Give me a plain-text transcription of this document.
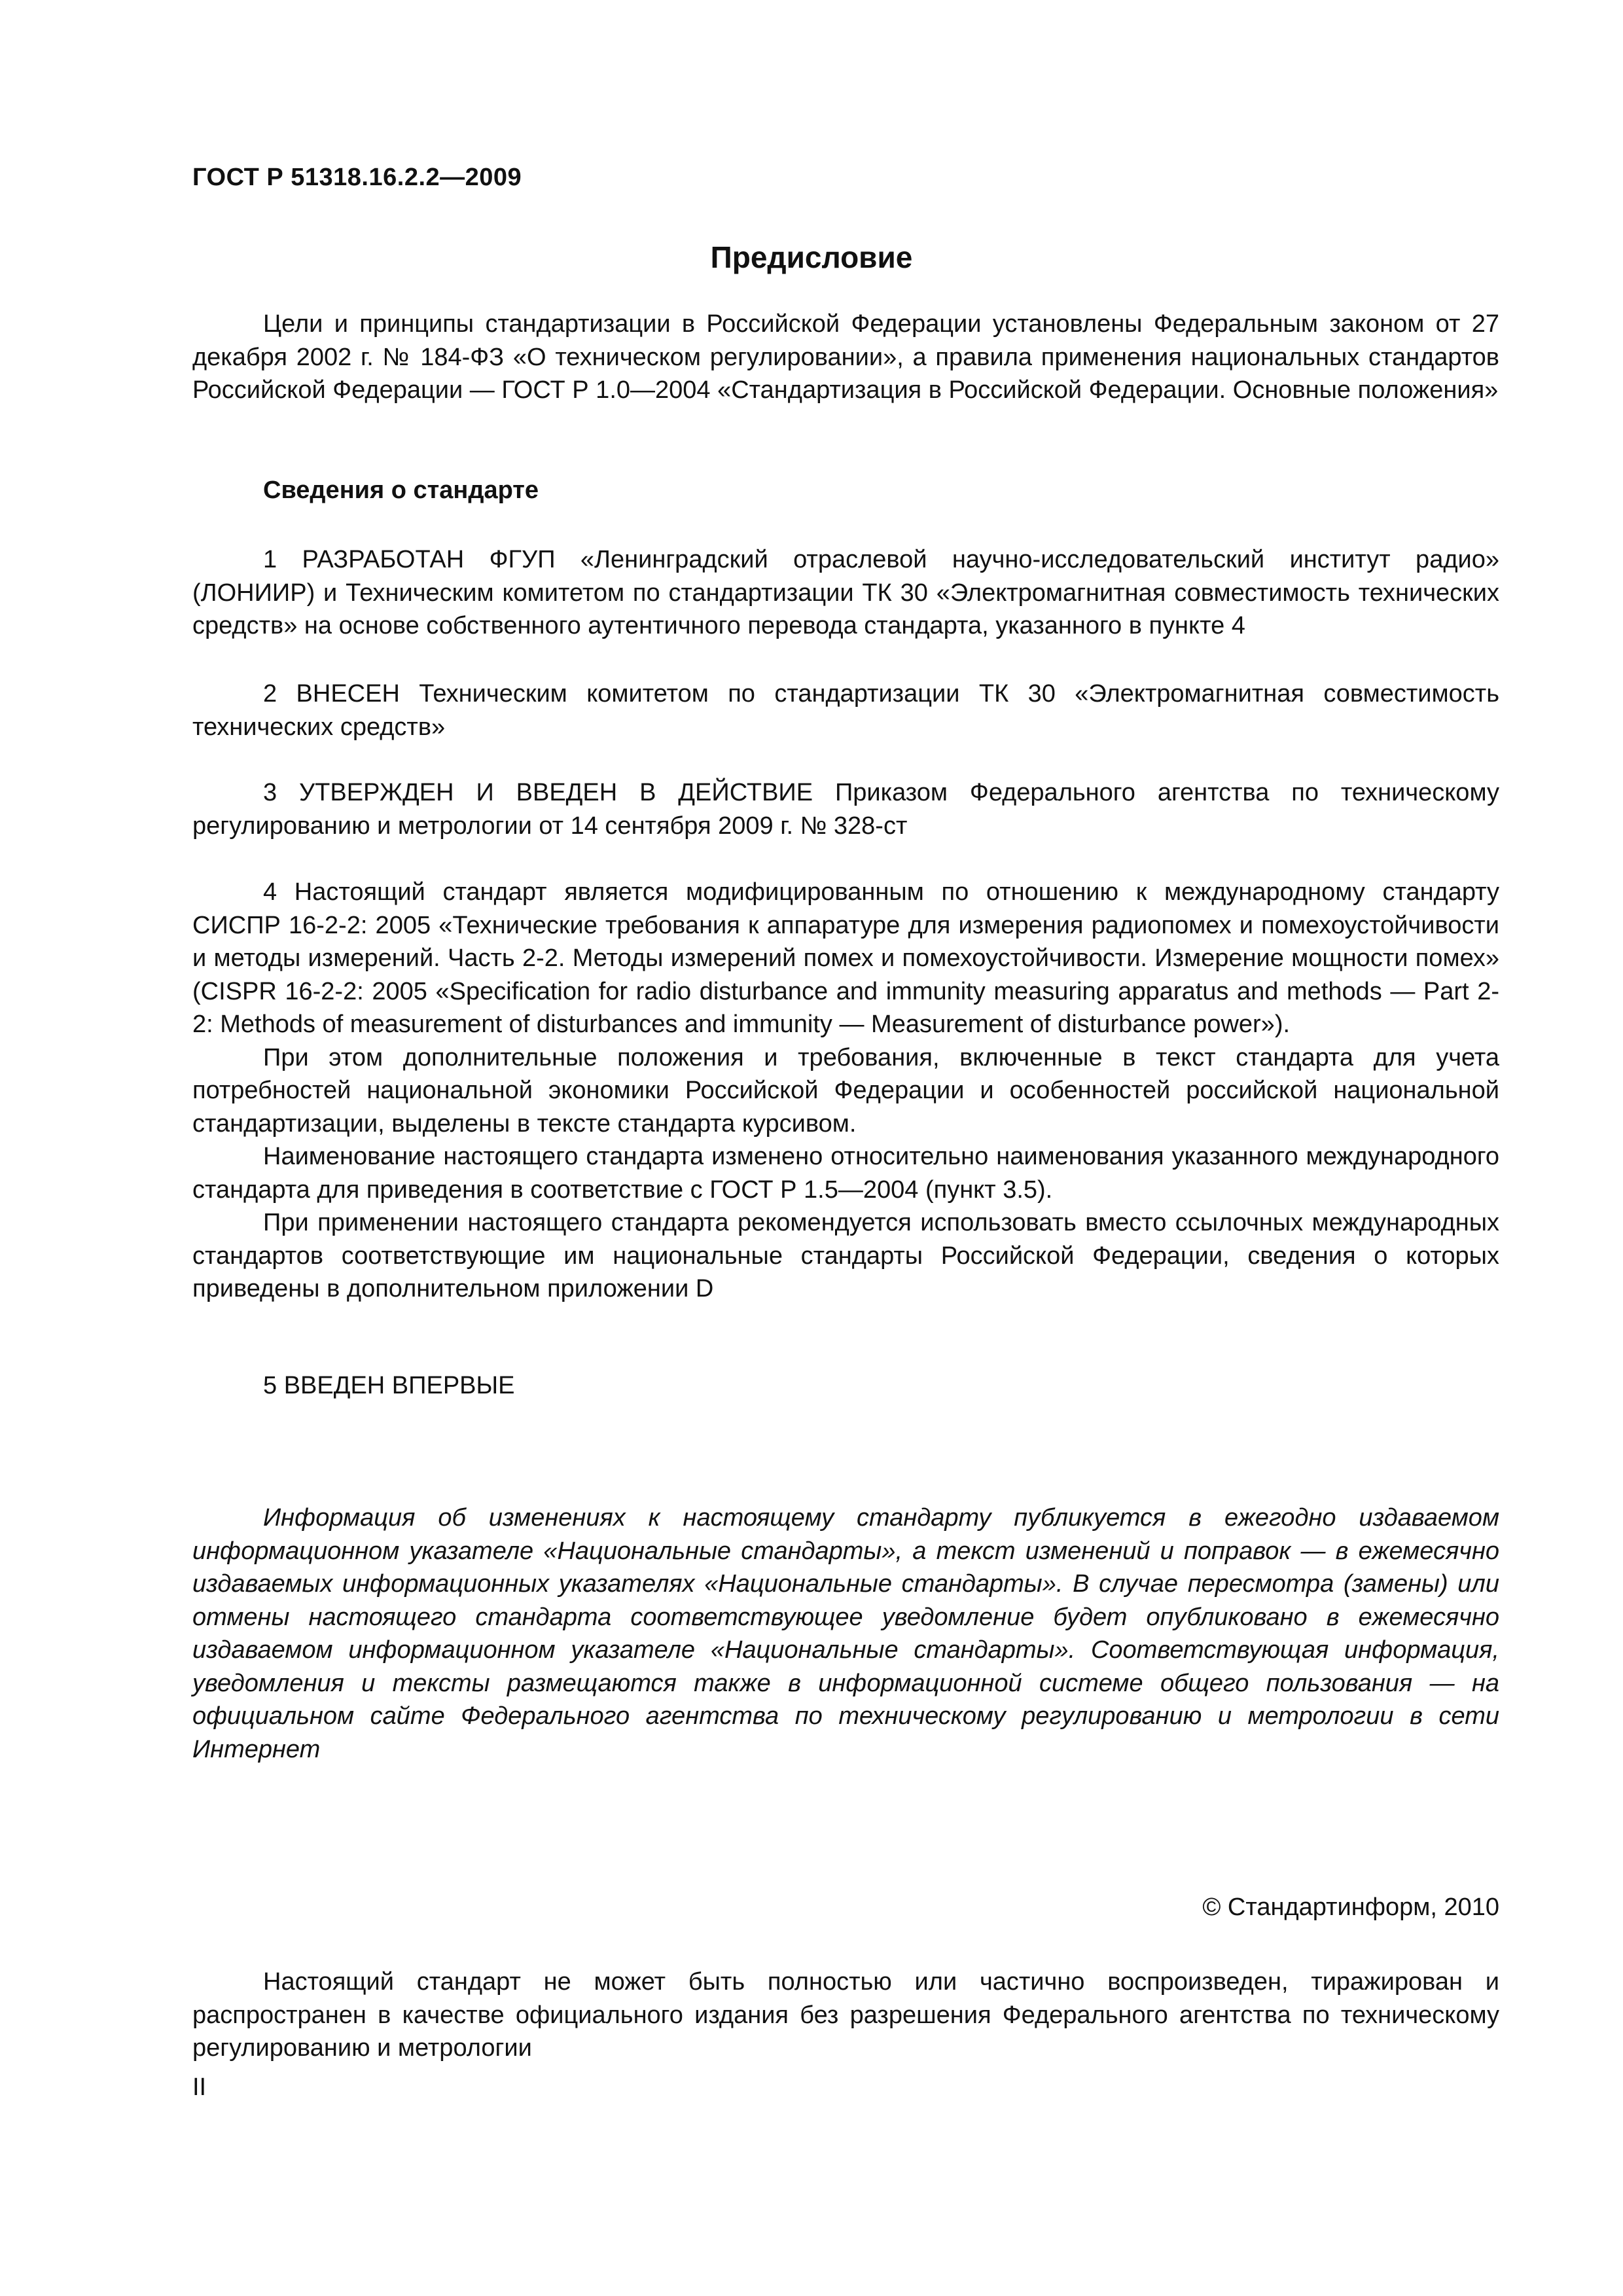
ГОСТ Р 51318.16.2.2—2009
Предисловие

Цели и принципы стандартизации в Российской Федерации установлены Федеральным законом от 27 декабря 2002 г. № 184-ФЗ «О техническом регулировании», а правила применения национальных стандартов Российской Федерации — ГОСТ Р 1.0—2004 «Стандартизация в Российской Федерации. Основные положения»

Сведения о стандарте

1 РАЗРАБОТАН ФГУП «Ленинградский отраслевой научно-исследовательский институт радио» (ЛОНИИР) и Техническим комитетом по стандартизации ТК 30 «Электромагнитная совместимость технических средств» на основе собственного аутентичного перевода стандарта, указанного в пункте 4

2 ВНЕСЕН Техническим комитетом по стандартизации ТК 30 «Электромагнитная совместимость технических средств»

3 УТВЕРЖДЕН И ВВЕДЕН В ДЕЙСТВИЕ Приказом Федерального агентства по техническому регулированию и метрологии от 14 сентября 2009 г. № 328-ст

4 Настоящий стандарт является модифицированным по отношению к международному стандарту СИСПР 16-2-2: 2005 «Технические требования к аппаратуре для измерения радиопомех и помехоустойчивости и методы измерений. Часть 2-2. Методы измерений помех и помехоустойчивости. Измерение мощности помех» (CISPR 16-2-2: 2005 «Specification for radio disturbance and immunity measuring apparatus and methods — Part 2-2: Methods of measurement of disturbances and immunity — Measurement of disturbance power»).

При этом дополнительные положения и требования, включенные в текст стандарта для учета потребностей национальной экономики Российской Федерации и особенностей российской национальной стандартизации, выделены в тексте стандарта курсивом.

Наименование настоящего стандарта изменено относительно наименования указанного международного стандарта для приведения в соответствие с ГОСТ Р 1.5—2004 (пункт 3.5).

При применении настоящего стандарта рекомендуется использовать вместо ссылочных международных стандартов соответствующие им национальные стандарты Российской Федерации, сведения о которых приведены в дополнительном приложении D

5 ВВЕДЕН ВПЕРВЫЕ

Информация об изменениях к настоящему стандарту публикуется в ежегодно издаваемом информационном указателе «Национальные стандарты», а текст изменений и поправок — в ежемесячно издаваемых информационных указателях «Национальные стандарты». В случае пересмотра (замены) или отмены настоящего стандарта соответствующее уведомление будет опубликовано в ежемесячно издаваемом информационном указателе «Национальные стандарты». Соответствующая информация, уведомления и тексты размещаются также в информационной системе общего пользования — на официальном сайте Федерального агентства по техническому регулированию и метрологии в сети Интернет

© Стандартинформ, 2010

Настоящий стандарт не может быть полностью или частично воспроизведен, тиражирован и распространен в качестве официального издания без разрешения Федерального агентства по техническому регулированию и метрологии

II
